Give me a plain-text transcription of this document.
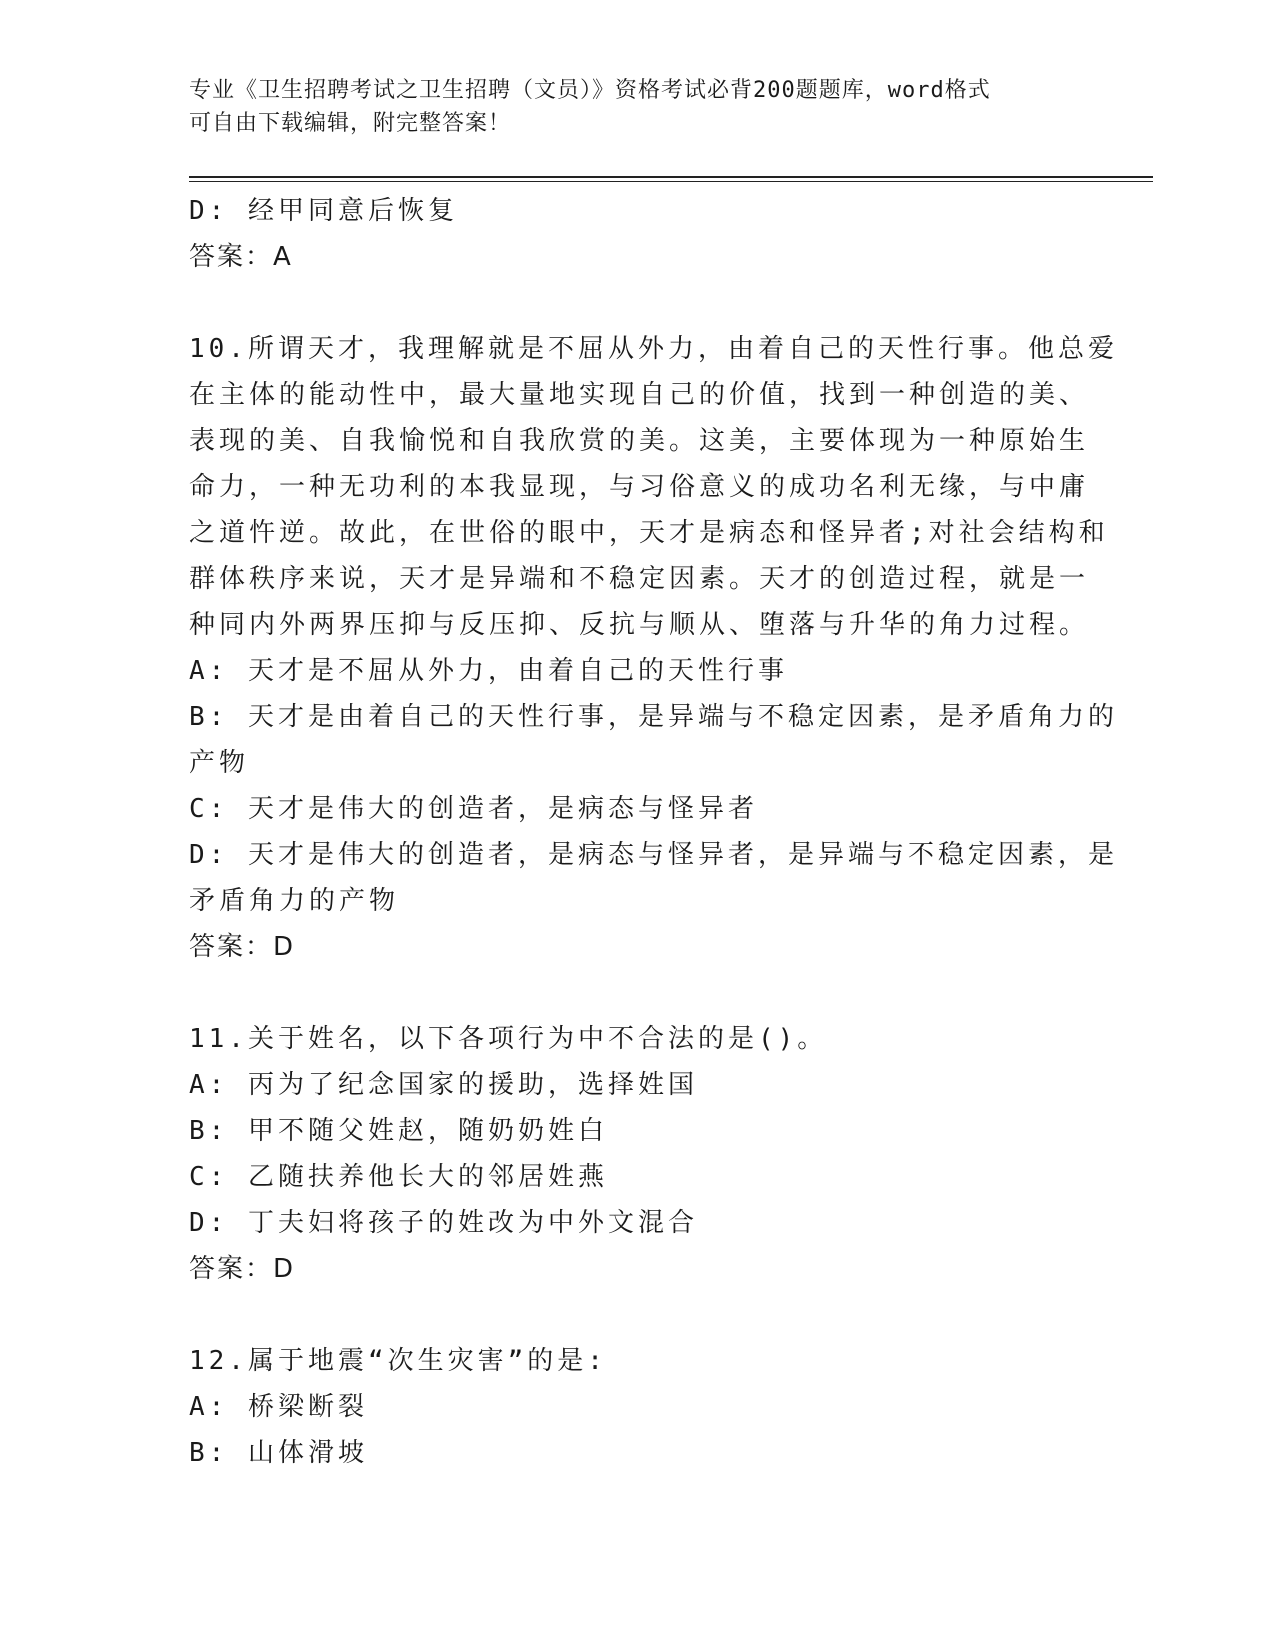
专业《卫生招聘考试之卫生招聘（文员）》资格考试必背200题题库，word格式
可自由下载编辑，附完整答案！

D: 经甲同意后恢复

答案：A

10.所谓天才，我理解就是不屈从外力，由着自己的天性行事。他总爱

在主体的能动性中，最大量地实现自己的价值，找到一种创造的美、

表现的美、自我愉悦和自我欣赏的美。这美，主要体现为一种原始生

命力，一种无功利的本我显现，与习俗意义的成功名利无缘，与中庸

之道忤逆。故此，在世俗的眼中，天才是病态和怪异者;对社会结构和

群体秩序来说，天才是异端和不稳定因素。天才的创造过程，就是一

种同内外两界压抑与反压抑、反抗与顺从、堕落与升华的角力过程。

A: 天才是不屈从外力，由着自己的天性行事

B: 天才是由着自己的天性行事，是异端与不稳定因素，是矛盾角力的

产物

C: 天才是伟大的创造者，是病态与怪异者

D: 天才是伟大的创造者，是病态与怪异者，是异端与不稳定因素，是

矛盾角力的产物

答案：D

11.关于姓名，以下各项行为中不合法的是()。

A: 丙为了纪念国家的援助，选择姓国

B: 甲不随父姓赵，随奶奶姓白

C: 乙随扶养他长大的邻居姓燕

D: 丁夫妇将孩子的姓改为中外文混合

答案：D

12.属于地震“次生灾害”的是:

A: 桥梁断裂

B: 山体滑坡
